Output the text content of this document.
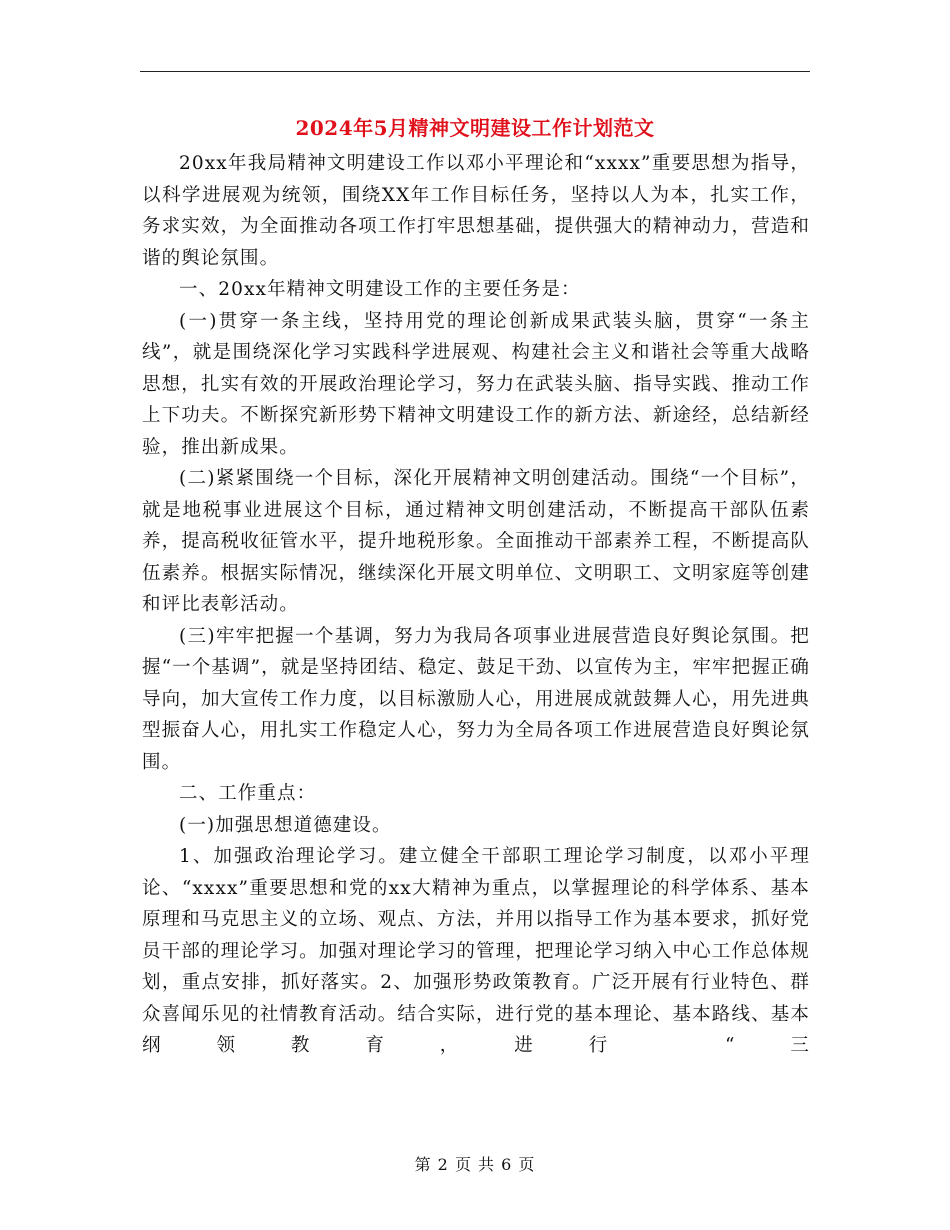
2024年5月精神文明建设工作计划范文

20xx年我局精神文明建设工作以邓小平理论和“xxxx”重要思想为指导，以科学进展观为统领，围绕XX年工作目标任务，坚持以人为本，扎实工作，务求实效，为全面推动各项工作打牢思想基础，提供强大的精神动力，营造和谐的舆论氛围。

一、20xx年精神文明建设工作的主要任务是：

(一)贯穿一条主线，坚持用党的理论创新成果武装头脑，贯穿“一条主线”，就是围绕深化学习实践科学进展观、构建社会主义和谐社会等重大战略思想，扎实有效的开展政治理论学习，努力在武装头脑、指导实践、推动工作上下功夫。不断探究新形势下精神文明建设工作的新方法、新途经，总结新经验，推出新成果。

(二)紧紧围绕一个目标，深化开展精神文明创建活动。围绕“一个目标”，就是地税事业进展这个目标，通过精神文明创建活动，不断提高干部队伍素养，提高税收征管水平，提升地税形象。全面推动干部素养工程，不断提高队伍素养。根据实际情况，继续深化开展文明单位、文明职工、文明家庭等创建和评比表彰活动。

(三)牢牢把握一个基调，努力为我局各项事业进展营造良好舆论氛围。把握“一个基调”，就是坚持团结、稳定、鼓足干劲、以宣传为主，牢牢把握正确导向，加大宣传工作力度，以目标激励人心，用进展成就鼓舞人心，用先进典型振奋人心，用扎实工作稳定人心，努力为全局各项工作进展营造良好舆论氛围。

二、工作重点：

(一)加强思想道德建设。

1、加强政治理论学习。建立健全干部职工理论学习制度，以邓小平理论、“xxxx”重要思想和党的xx大精神为重点，以掌握理论的科学体系、基本原理和马克思主义的立场、观点、方法，并用以指导工作为基本要求，抓好党员干部的理论学习。加强对理论学习的管理，把理论学习纳入中心工作总体规划，重点安排，抓好落实。2、加强形势政策教育。广泛开展有行业特色、群众喜闻乐见的社情教育活动。结合实际，进行党的基本理论、基本路线、基本纲领教育，进行 “三

第 2 页 共 6 页
